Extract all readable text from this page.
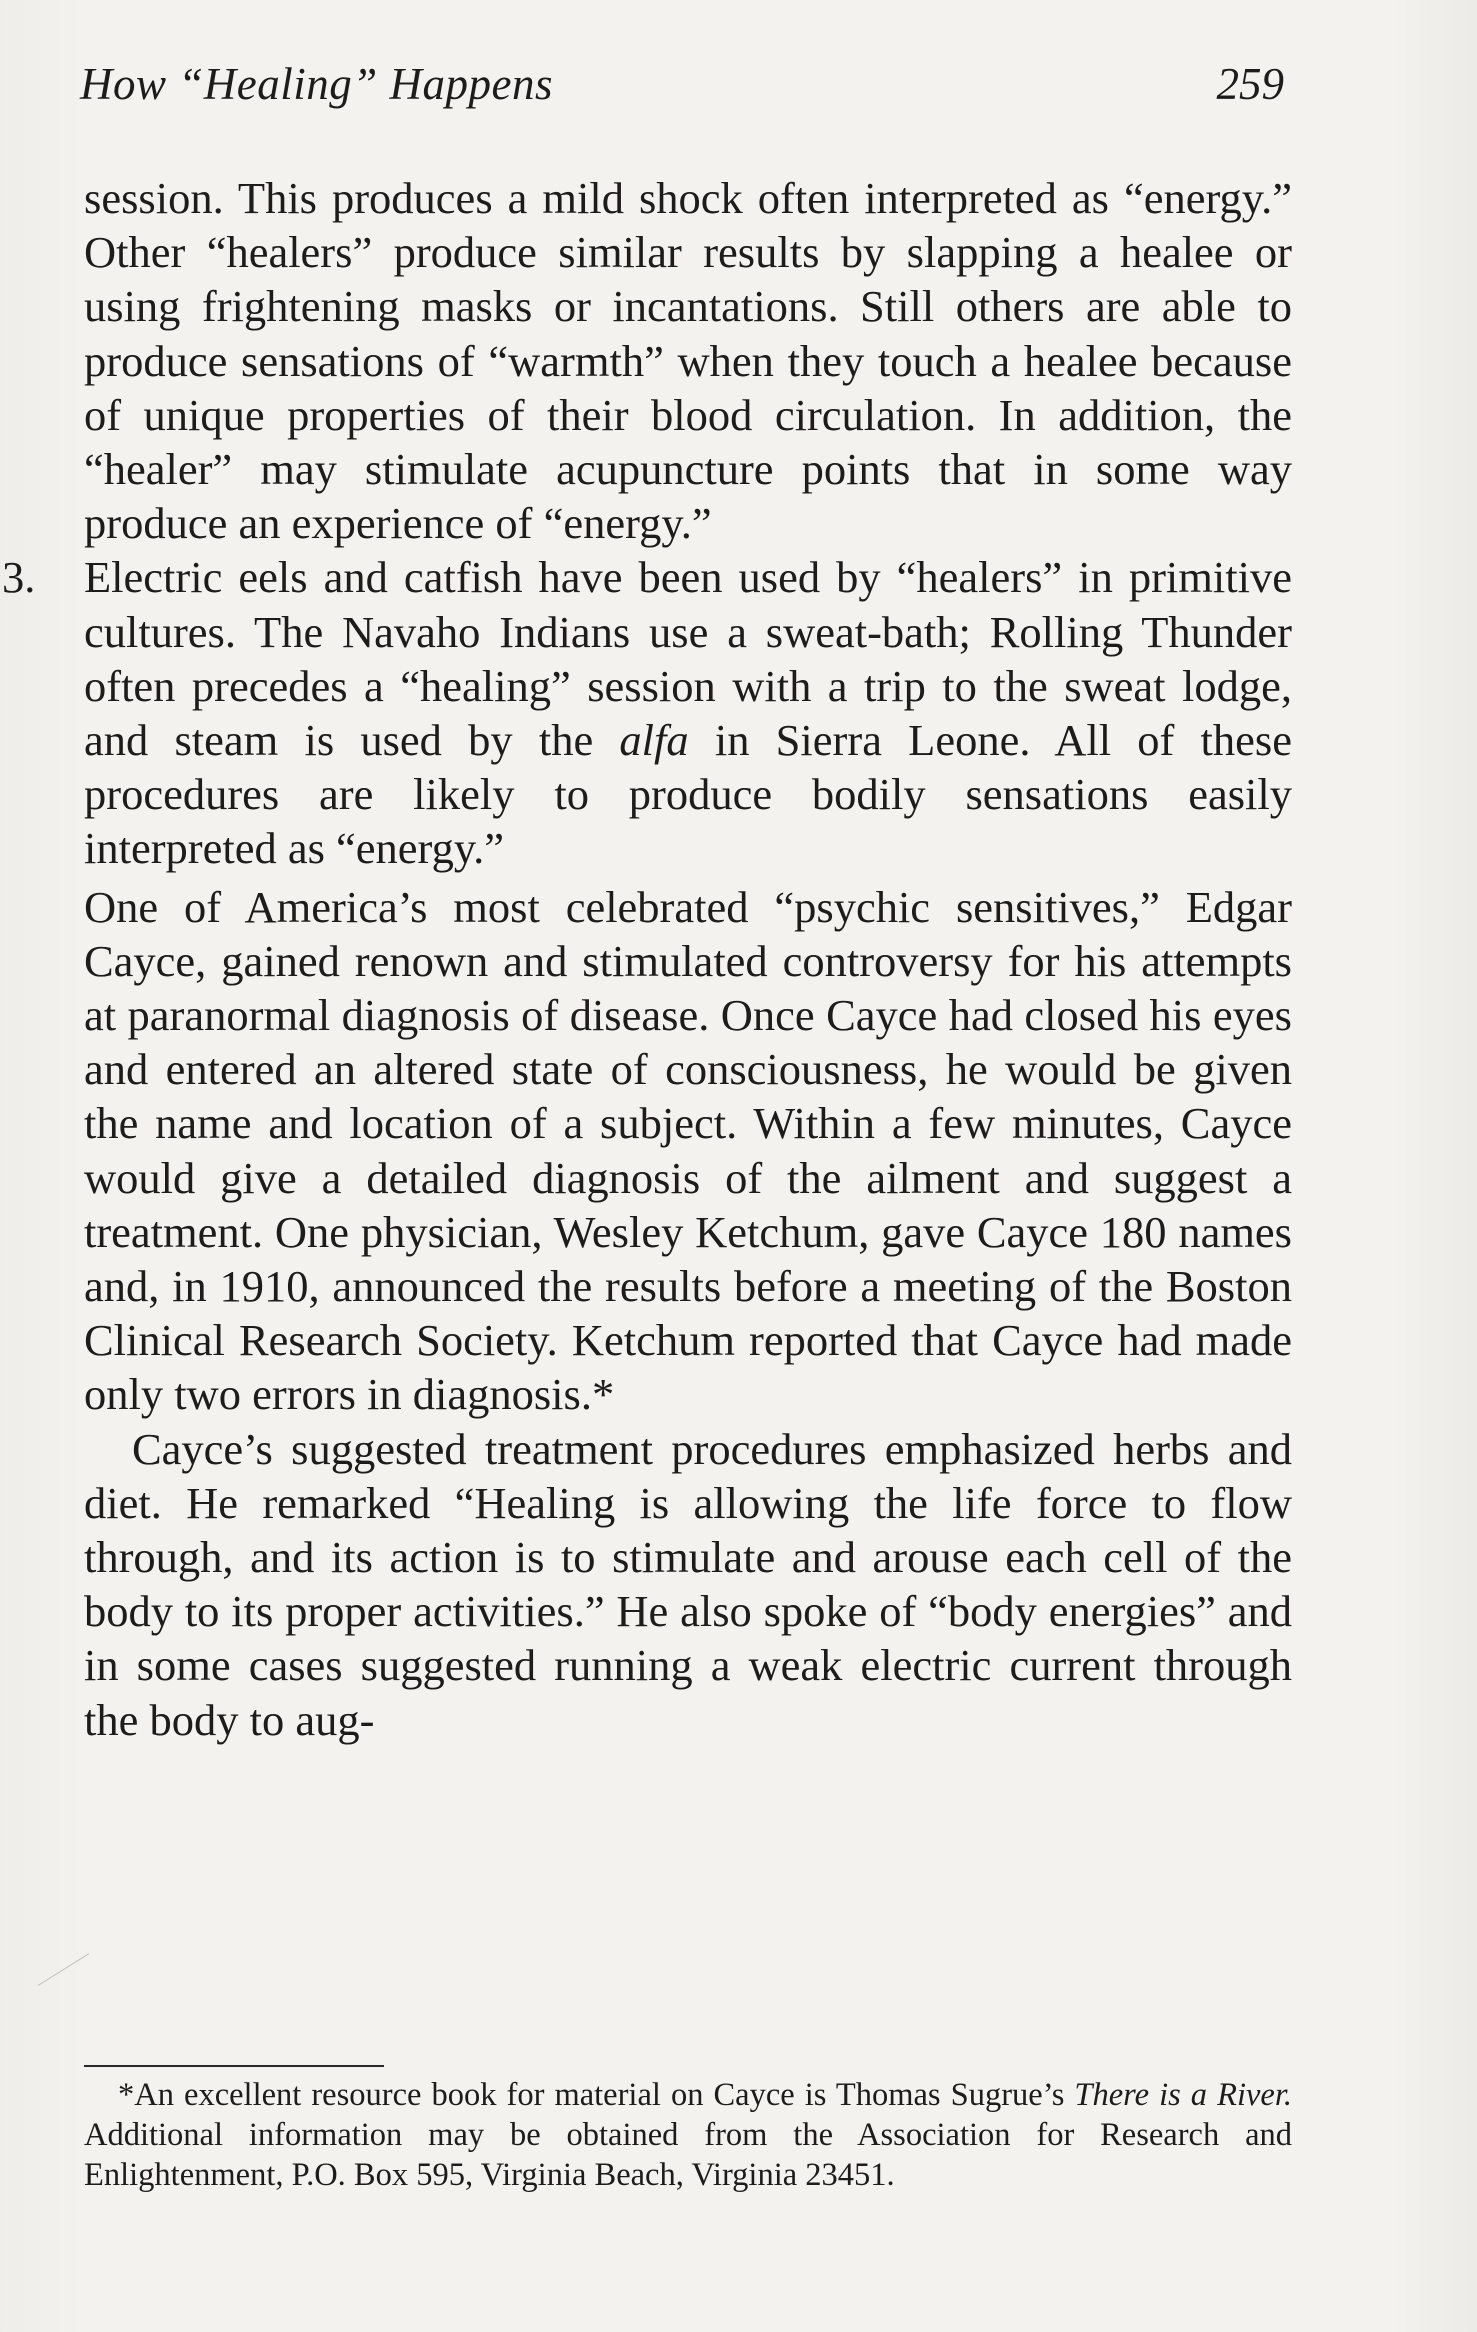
How “Healing” Happens	259

session. This produces a mild shock often interpreted as “energy.” Other “healers” produce similar results by slapping a healee or using frightening masks or incantations. Still others are able to produce sensations of “warmth” when they touch a healee because of unique properties of their blood circulation. In addition, the “healer” may stimulate acupuncture points that in some way produce an experience of “energy.”

3. Electric eels and catfish have been used by “healers” in primitive cultures. The Navaho Indians use a sweat-bath; Rolling Thunder often precedes a “healing” session with a trip to the sweat lodge, and steam is used by the alfa in Sierra Leone. All of these procedures are likely to produce bodily sensations easily interpreted as “energy.”

One of America’s most celebrated “psychic sensitives,” Edgar Cayce, gained renown and stimulated controversy for his attempts at paranormal diagnosis of disease. Once Cayce had closed his eyes and entered an altered state of consciousness, he would be given the name and location of a subject. Within a few minutes, Cayce would give a detailed diagnosis of the ailment and suggest a treatment. One physician, Wesley Ketchum, gave Cayce 180 names and, in 1910, announced the results before a meeting of the Boston Clinical Research Society. Ketchum reported that Cayce had made only two errors in diagnosis.*

Cayce’s suggested treatment procedures emphasized herbs and diet. He remarked “Healing is allowing the life force to flow through, and its action is to stimulate and arouse each cell of the body to its proper activities.” He also spoke of “body energies” and in some cases suggested running a weak electric current through the body to aug-

*An excellent resource book for material on Cayce is Thomas Sugrue’s There is a River. Additional information may be obtained from the Association for Research and Enlightenment, P.O. Box 595, Virginia Beach, Virginia 23451.
